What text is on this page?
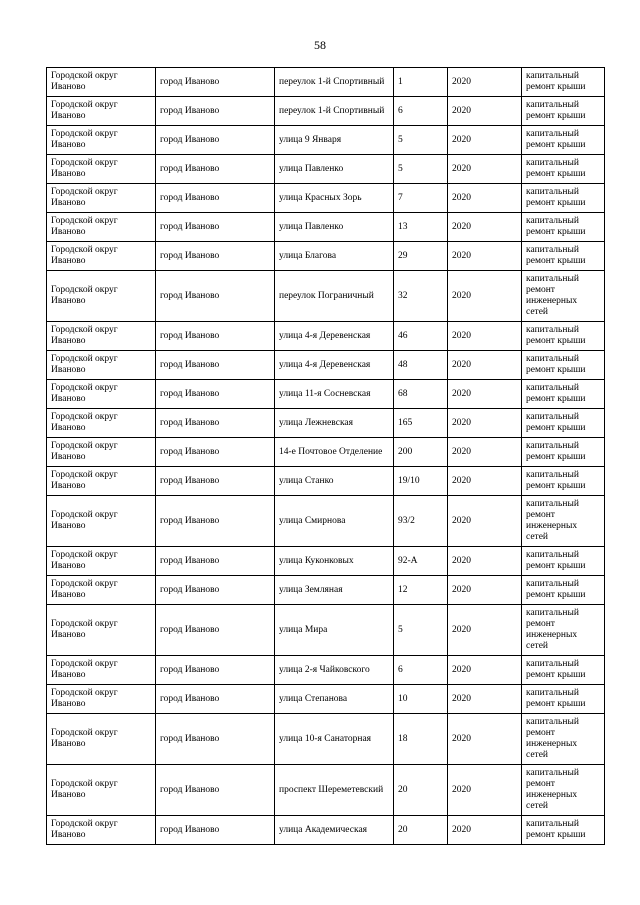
58
Городской округ Иваново	город Иваново	переулок 1-й Спортивный	1	2020	капитальный ремонт крыши
Городской округ Иваново	город Иваново	переулок 1-й Спортивный	6	2020	капитальный ремонт крыши
Городской округ Иваново	город Иваново	улица 9 Января	5	2020	капитальный ремонт крыши
Городской округ Иваново	город Иваново	улица Павленко	5	2020	капитальный ремонт крыши
Городской округ Иваново	город Иваново	улица Красных Зорь	7	2020	капитальный ремонт крыши
Городской округ Иваново	город Иваново	улица Павленко	13	2020	капитальный ремонт крыши
Городской округ Иваново	город Иваново	улица Благова	29	2020	капитальный ремонт крыши
Городской округ Иваново	город Иваново	переулок Пограничный	32	2020	капитальный ремонт инженерных сетей
Городской округ Иваново	город Иваново	улица 4-я Деревенская	46	2020	капитальный ремонт крыши
Городской округ Иваново	город Иваново	улица 4-я Деревенская	48	2020	капитальный ремонт крыши
Городской округ Иваново	город Иваново	улица 11-я Сосневская	68	2020	капитальный ремонт крыши
Городской округ Иваново	город Иваново	улица Лежневская	165	2020	капитальный ремонт крыши
Городской округ Иваново	город Иваново	14-е Почтовое Отделение	200	2020	капитальный ремонт крыши
Городской округ Иваново	город Иваново	улица Станко	19/10	2020	капитальный ремонт крыши
Городской округ Иваново	город Иваново	улица Смирнова	93/2	2020	капитальный ремонт инженерных сетей
Городской округ Иваново	город Иваново	улица Куконковых	92-А	2020	капитальный ремонт крыши
Городской округ Иваново	город Иваново	улица Земляная	12	2020	капитальный ремонт крыши
Городской округ Иваново	город Иваново	улица Мира	5	2020	капитальный ремонт инженерных сетей
Городской округ Иваново	город Иваново	улица 2-я Чайковского	6	2020	капитальный ремонт крыши
Городской округ Иваново	город Иваново	улица Степанова	10	2020	капитальный ремонт крыши
Городской округ Иваново	город Иваново	улица 10-я Санаторная	18	2020	капитальный ремонт инженерных сетей
Городской округ Иваново	город Иваново	проспект Шереметевский	20	2020	капитальный ремонт инженерных сетей
Городской округ Иваново	город Иваново	улица Академическая	20	2020	капитальный ремонт крыши
